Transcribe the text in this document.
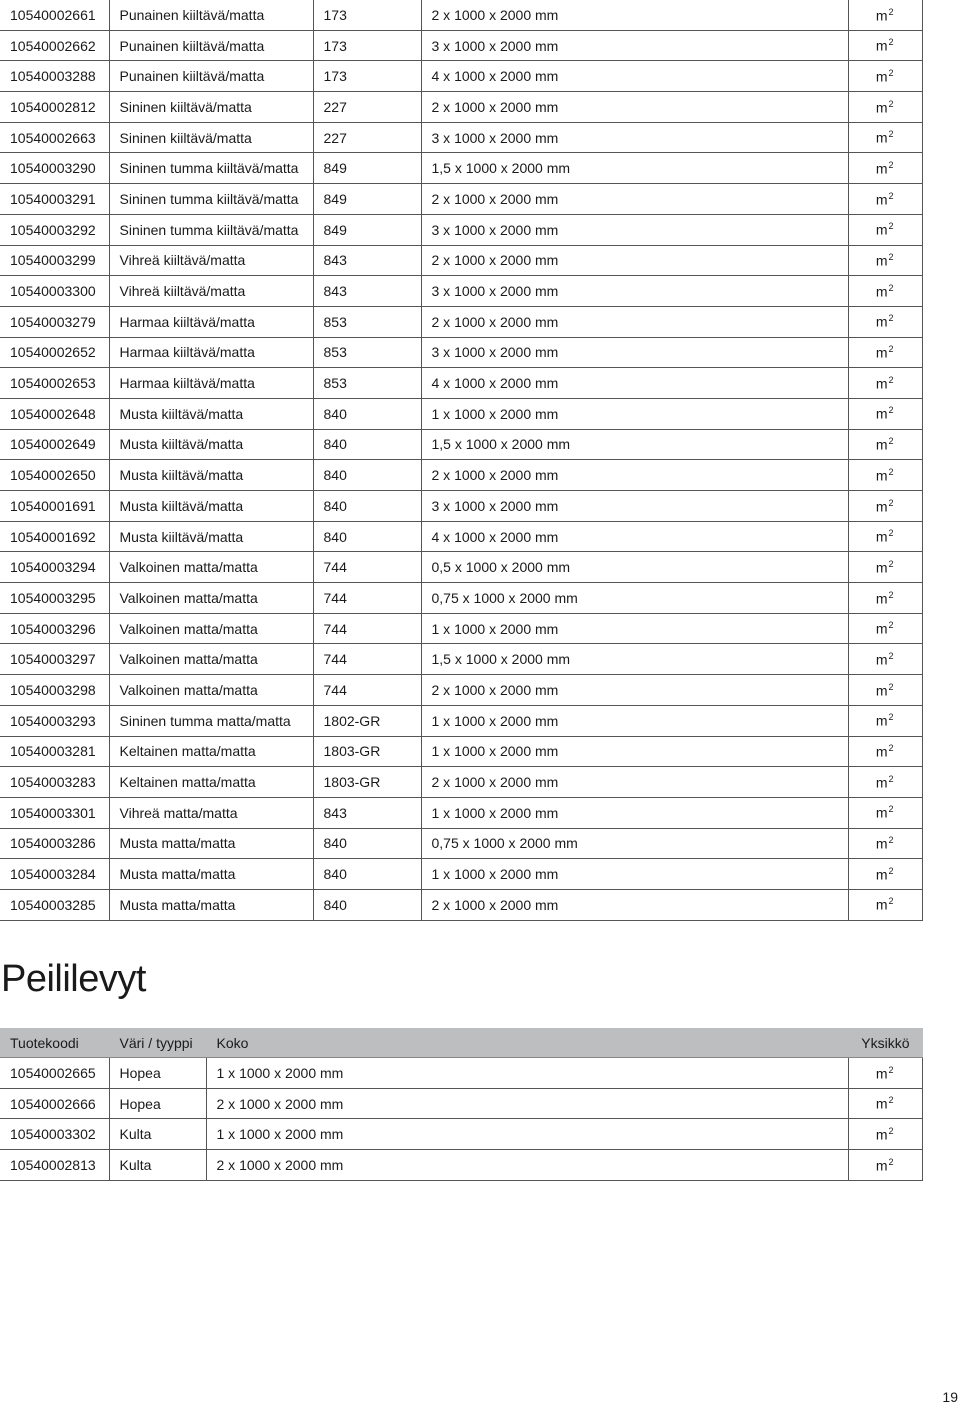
10540002661	Punainen kiiltävä/matta	173	2 x 1000 x 2000 mm	$m^2$
10540002662	Punainen kiiltävä/matta	173	3 x 1000 x 2000 mm	$m^2$
10540003288	Punainen kiiltävä/matta	173	4 x 1000 x 2000 mm	$m^2$
10540002812	Sininen kiiltävä/matta	227	2 x 1000 x 2000 mm	$m^2$
10540002663	Sininen kiiltävä/matta	227	3 x 1000 x 2000 mm	$m^2$
10540003290	Sininen tumma kiiltävä/matta	849	1,5 x 1000 x 2000 mm	$m^2$
10540003291	Sininen tumma kiiltävä/matta	849	2 x 1000 x 2000 mm	$m^2$
10540003292	Sininen tumma kiiltävä/matta	849	3 x 1000 x 2000 mm	$m^2$
10540003299	Vihreä kiiltävä/matta	843	2 x 1000 x 2000 mm	$m^2$
10540003300	Vihreä kiiltävä/matta	843	3 x 1000 x 2000 mm	$m^2$
10540003279	Harmaa kiiltävä/matta	853	2 x 1000 x 2000 mm	$m^2$
10540002652	Harmaa kiiltävä/matta	853	3 x 1000 x 2000 mm	$m^2$
10540002653	Harmaa kiiltävä/matta	853	4 x 1000 x 2000 mm	$m^2$
10540002648	Musta kiiltävä/matta	840	1 x 1000 x 2000 mm	$m^2$
10540002649	Musta kiiltävä/matta	840	1,5 x 1000 x 2000 mm	$m^2$
10540002650	Musta kiiltävä/matta	840	2 x 1000 x 2000 mm	$m^2$
10540001691	Musta kiiltävä/matta	840	3 x 1000 x 2000 mm	$m^2$
10540001692	Musta kiiltävä/matta	840	4 x 1000 x 2000 mm	$m^2$
10540003294	Valkoinen matta/matta	744	0,5 x 1000 x 2000 mm	$m^2$
10540003295	Valkoinen matta/matta	744	0,75 x 1000 x 2000 mm	$m^2$
10540003296	Valkoinen matta/matta	744	1 x 1000 x 2000 mm	$m^2$
10540003297	Valkoinen matta/matta	744	1,5 x 1000 x 2000 mm	$m^2$
10540003298	Valkoinen matta/matta	744	2 x 1000 x 2000 mm	$m^2$
10540003293	Sininen tumma matta/matta	1802-GR	1 x 1000 x 2000 mm	$m^2$
10540003281	Keltainen matta/matta	1803-GR	1 x 1000 x 2000 mm	$m^2$
10540003283	Keltainen matta/matta	1803-GR	2 x 1000 x 2000 mm	$m^2$
10540003301	Vihreä matta/matta	843	1 x 1000 x 2000 mm	$m^2$
10540003286	Musta matta/matta	840	0,75 x 1000 x 2000 mm	$m^2$
10540003284	Musta matta/matta	840	1 x 1000 x 2000 mm	$m^2$
10540003285	Musta matta/matta	840	2 x 1000 x 2000 mm	$m^2$
Peililevyt
Tuotekoodi	Väri / tyyppi	Koko	Yksikkö
10540002665	Hopea	1 x 1000 x 2000 mm	$m^2$
10540002666	Hopea	2 x 1000 x 2000 mm	$m^2$
10540003302	Kulta	1 x 1000 x 2000 mm	$m^2$
10540002813	Kulta	2 x 1000 x 2000 mm	$m^2$
19
